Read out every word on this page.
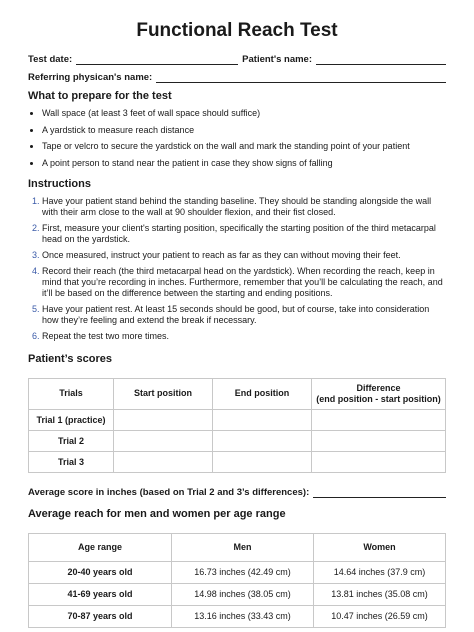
Functional Reach Test
Test date:	Patient's name:
Referring physican's name:
What to prepare for the test
• Wall space (at least 3 feet of wall space should suffice)
• A yardstick to measure reach distance
• Tape or velcro to secure the yardstick on the wall and mark the standing point of your patient
• A point person to stand near the patient in case they show signs of falling
Instructions
1. Have your patient stand behind the standing baseline. They should be standing alongside the wall with their arm close to the wall at 90 shoulder flexion, and their fist closed.
2. First, measure your client's starting position, specifically the starting position of the third metacarpal head on the yardstick.
3. Once measured, instruct your patient to reach as far as they can without moving their feet.
4. Record their reach (the third metacarpal head on the yardstick). When recording the reach, keep in mind that you’re recording in inches. Furthermore, remember that you’ll be calculating the reach, and it’ll be based on the difference between the starting and ending positions.
5. Have your patient rest. At least 15 seconds should be good, but of course, take into consideration how they’re feeling and extend the break if necessary.
6. Repeat the test two more times.
Patient’s scores
Trials	Start position	End position	Difference
(end position - start position)

Trial 1 (practice)			
Trial 2			
Trial 3			
Average score in inches (based on Trial 2 and 3’s differences):
Average reach for men and women per age range
Age range	Men	Women
20-40 years old	16.73 inches (42.49 cm)	14.64 inches (37.9 cm)
41-69 years old	14.98 inches (38.05 cm)	13.81 inches (35.08 cm)
70-87 years old	13.16 inches (33.43 cm)	10.47 inches (26.59 cm)
